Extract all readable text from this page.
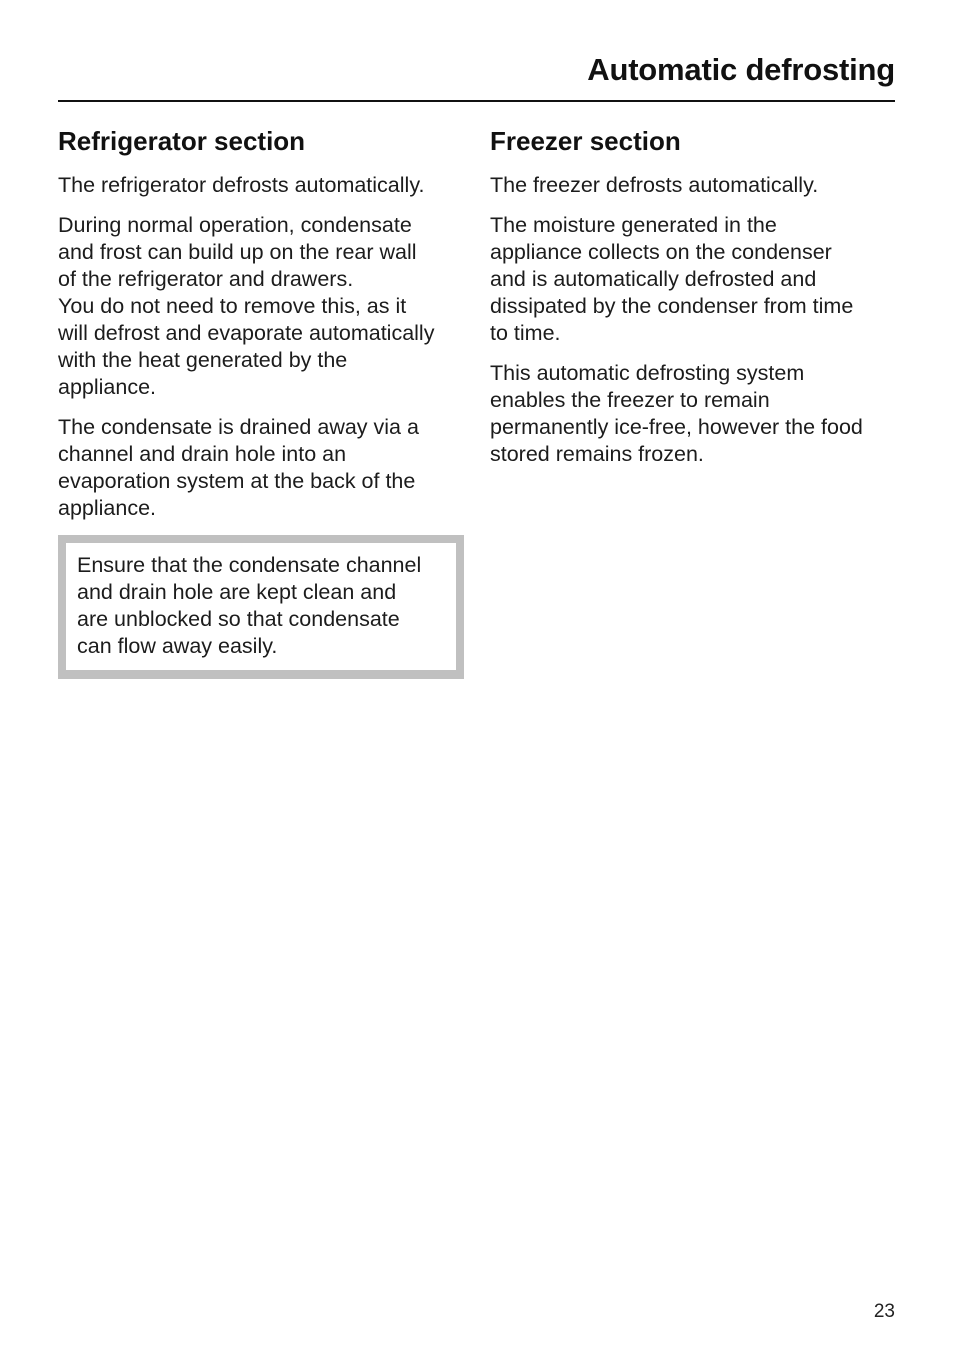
Automatic defrosting
Refrigerator section

The refrigerator defrosts automatically.

During normal operation, condensate
and frost can build up on the rear wall
of the refrigerator and drawers.
You do not need to remove this, as it
will defrost and evaporate automatically
with the heat generated by the
appliance.

The condensate is drained away via a
channel and drain hole into an
evaporation system at the back of the
appliance.

Ensure that the condensate channel
and drain hole are kept clean and
are unblocked so that condensate
can flow away easily.
Freezer section

The freezer defrosts automatically.

The moisture generated in the
appliance collects on the condenser
and is automatically defrosted and
dissipated by the condenser from time
to time.

This automatic defrosting system
enables the freezer to remain
permanently ice-free, however the food
stored remains frozen.

23
